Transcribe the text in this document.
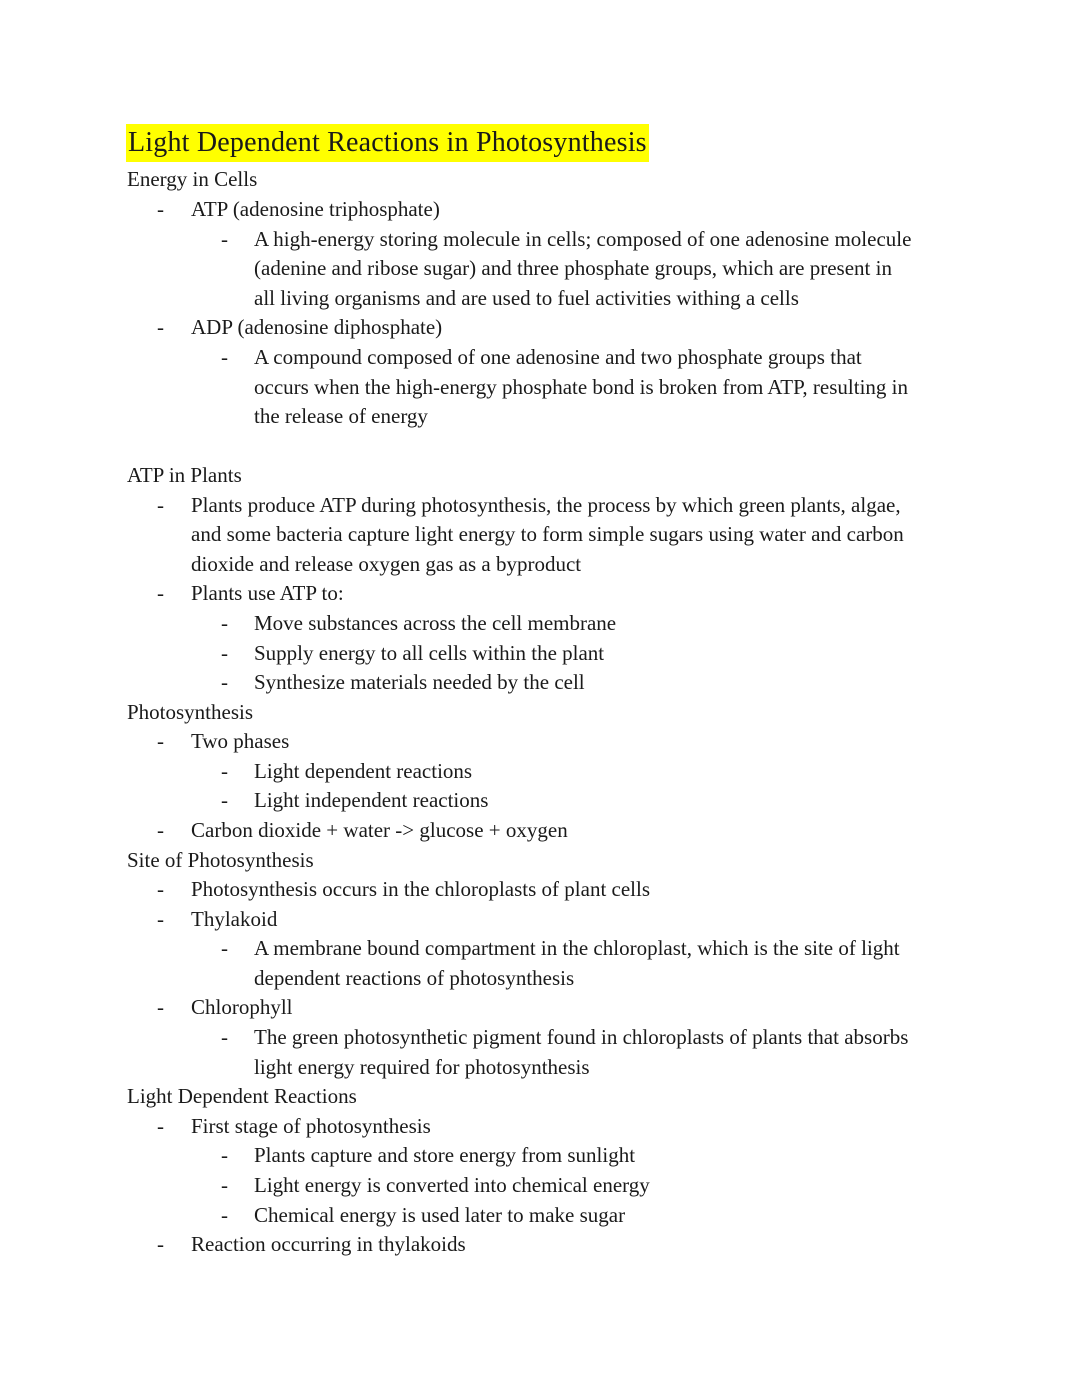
Light Dependent Reactions in Photosynthesis
Energy in Cells
- ATP (adenosine triphosphate)
- A high-energy storing molecule in cells; composed of one adenosine molecule
(adenine and ribose sugar) and three phosphate groups, which are present in
all living organisms and are used to fuel activities withing a cells
- ADP (adenosine diphosphate)
- A compound composed of one adenosine and two phosphate groups that
occurs when the high-energy phosphate bond is broken from ATP, resulting in
the release of energy
ATP in Plants
- Plants produce ATP during photosynthesis, the process by which green plants, algae,
and some bacteria capture light energy to form simple sugars using water and carbon
dioxide and release oxygen gas as a byproduct
- Plants use ATP to:
- Move substances across the cell membrane
- Supply energy to all cells within the plant
- Synthesize materials needed by the cell
Photosynthesis
- Two phases
- Light dependent reactions
- Light independent reactions
- Carbon dioxide + water -> glucose + oxygen
Site of Photosynthesis
- Photosynthesis occurs in the chloroplasts of plant cells
- Thylakoid
- A membrane bound compartment in the chloroplast, which is the site of light
dependent reactions of photosynthesis
- Chlorophyll
- The green photosynthetic pigment found in chloroplasts of plants that absorbs
light energy required for photosynthesis
Light Dependent Reactions
- First stage of photosynthesis
- Plants capture and store energy from sunlight
- Light energy is converted into chemical energy
- Chemical energy is used later to make sugar
- Reaction occurring in thylakoids
